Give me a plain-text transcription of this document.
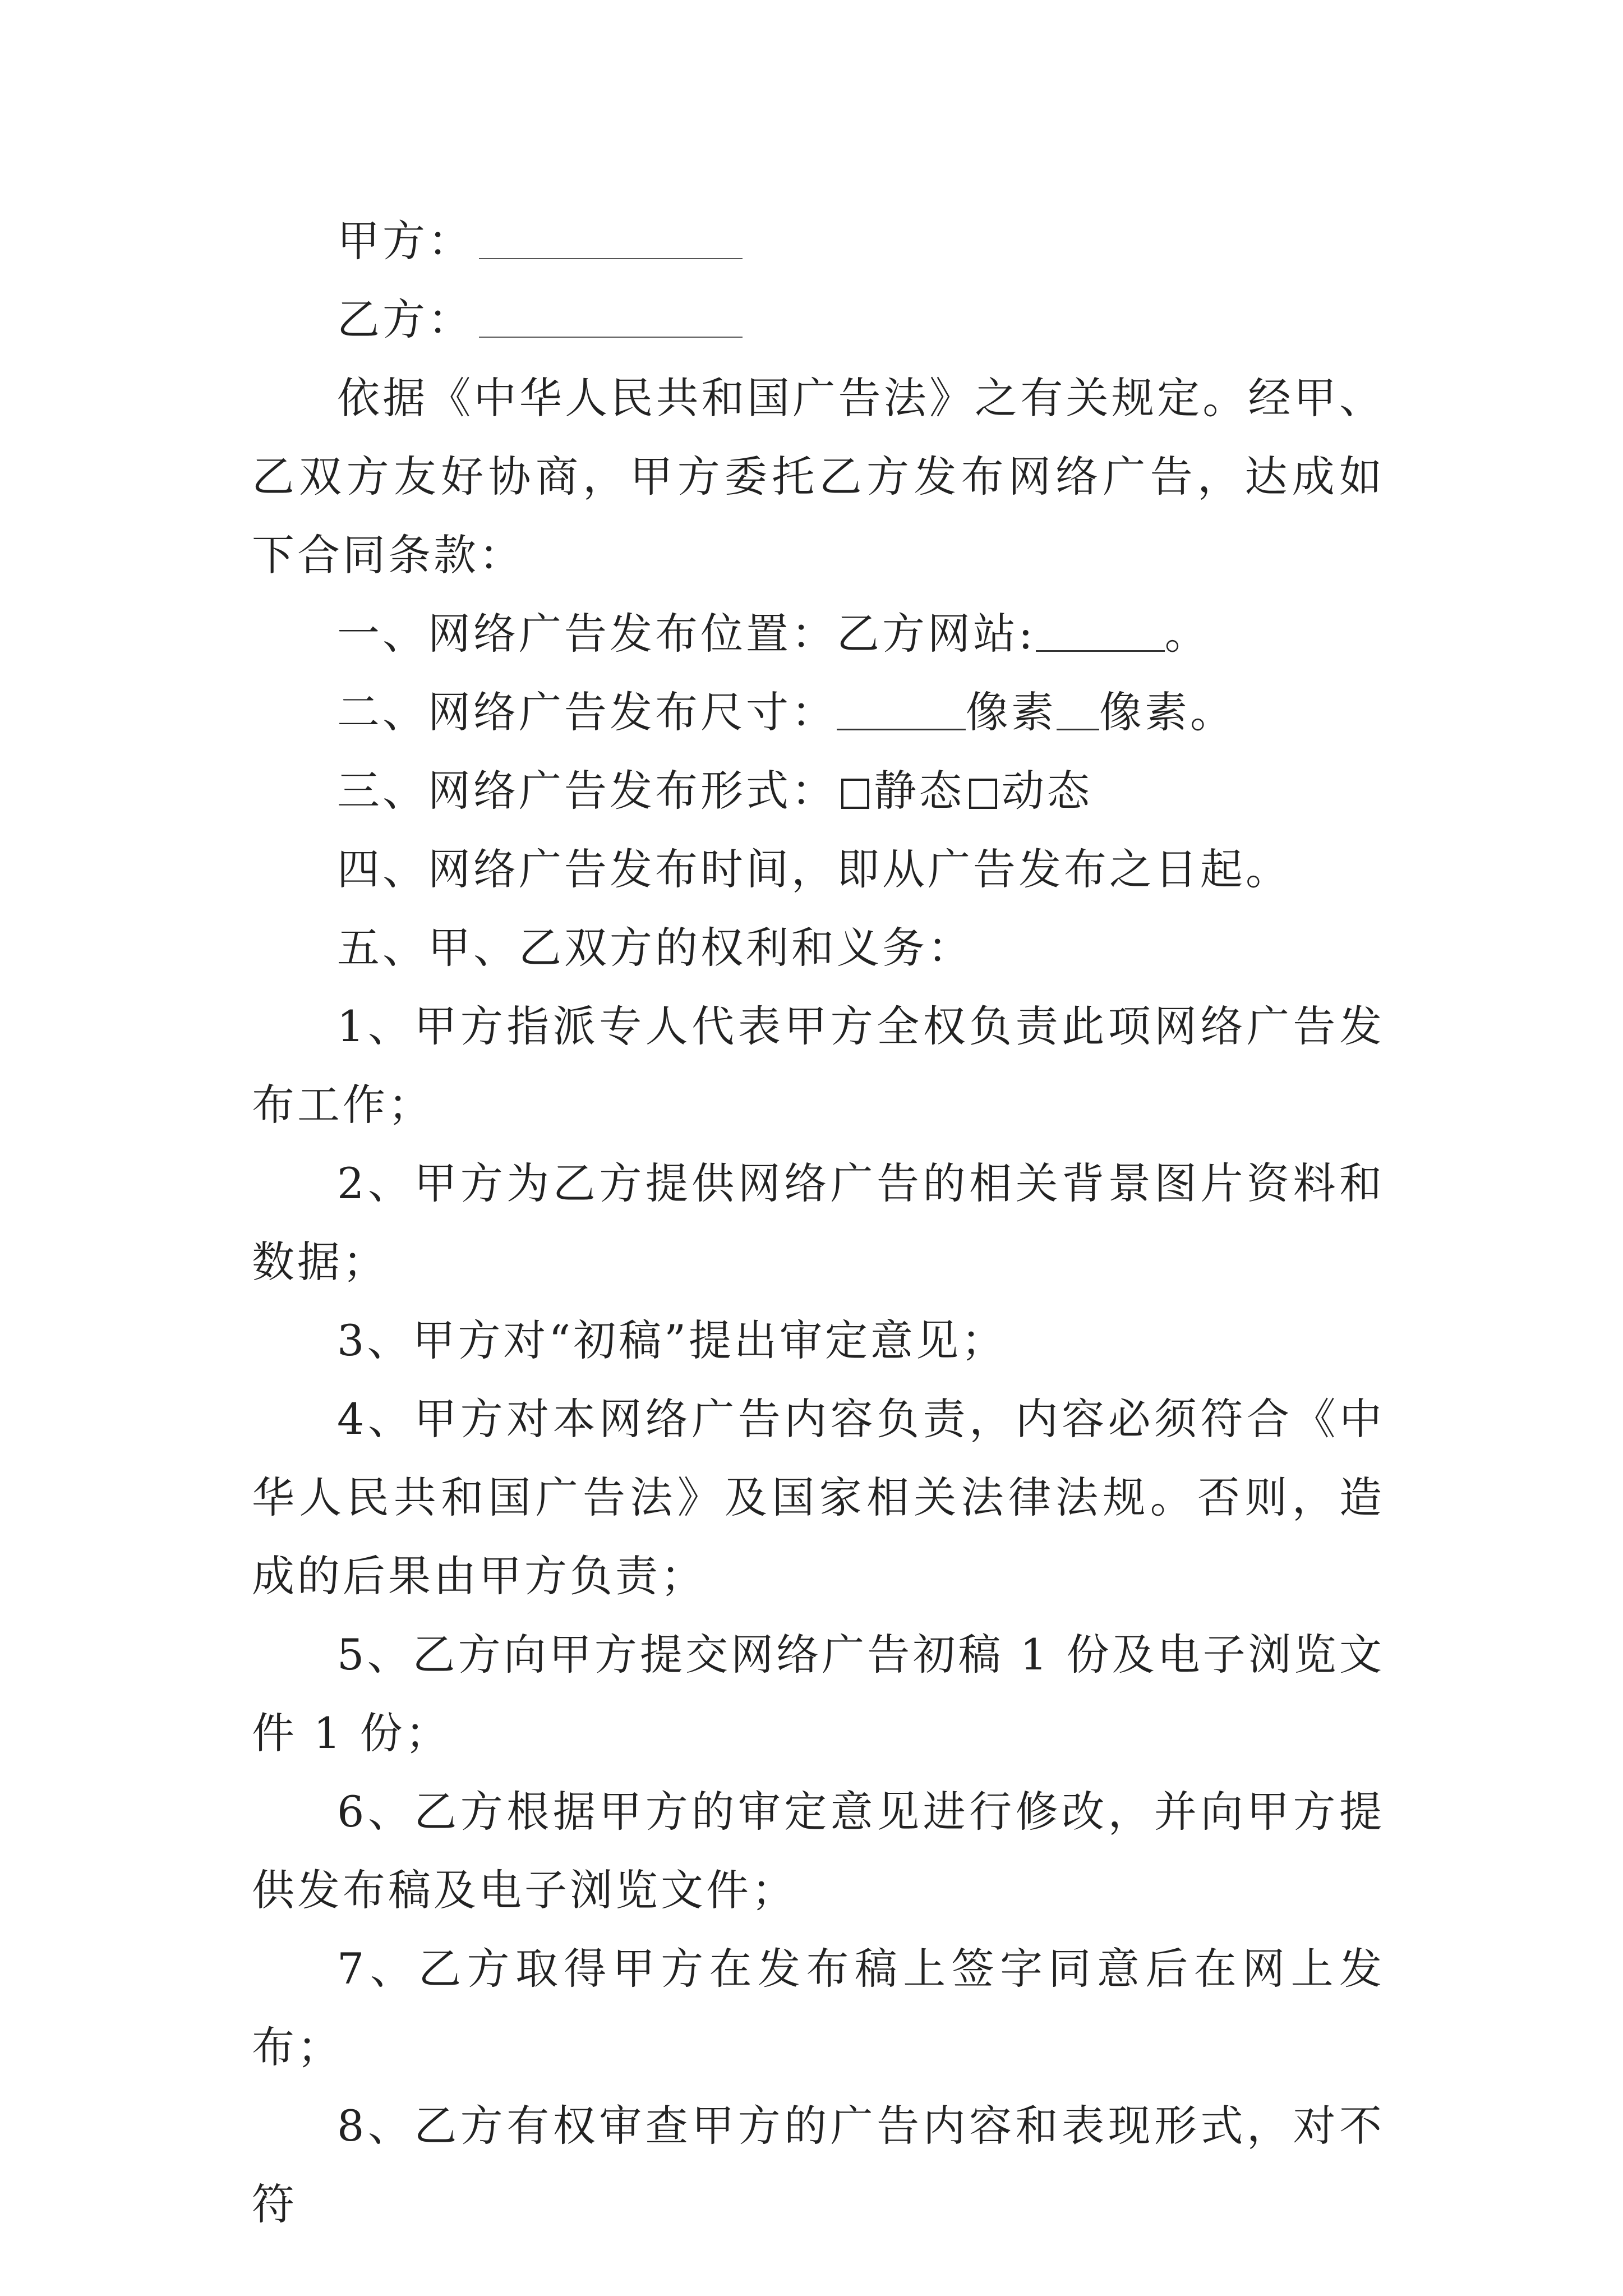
甲方：

乙方：

依据《中华人民共和国广告法》之有关规定。经甲、乙双方友好协商，甲方委托乙方发布网络广告，达成如下合同条款：

一、网络广告发布位置：乙方网站:	。

二、网络广告发布尺寸：	像素 像素。

三、网络广告发布形式： 静态 动态

四、网络广告发布时间，即从广告发布之日起。

五、甲、乙双方的权利和义务：

1、甲方指派专人代表甲方全权负责此项网络广告发布工作；

2、甲方为乙方提供网络广告的相关背景图片资料和数据；

3、甲方对“初稿”提出审定意见；

4、甲方对本网络广告内容负责，内容必须符合《中华人民共和国广告法》及国家相关法律法规。否则，造成的后果由甲方负责；

5、乙方向甲方提交网络广告初稿 1 份及电子浏览文件 1 份；

6、乙方根据甲方的审定意见进行修改，并向甲方提供发布稿及电子浏览文件；

7、乙方取得甲方在发布稿上签字同意后在网上发布；

8、乙方有权审查甲方的广告内容和表现形式，对不符
